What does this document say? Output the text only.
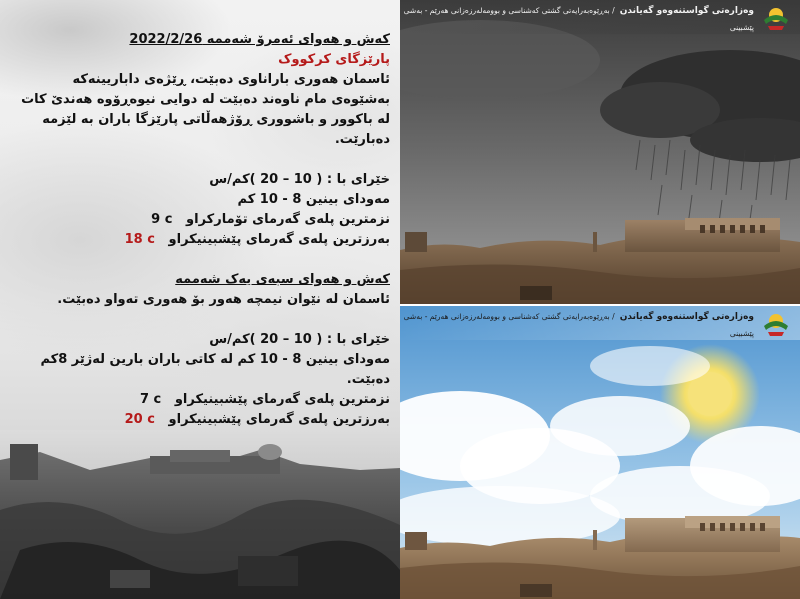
کەش و هەوای ئەمرۆ شەممە 2022/2/26
پارێزگای کرکووک
ئاسمان هەوری باراناوی دەبێت، ڕێژەی داباریینەکە بەشێوەی مام ناوەند دەبێت لە دوایی نیوەڕۆوە هەندێ کات لە باکوور و باشووری ڕۆژهەڵاتی پارێزگا باران بە لێزمە دەبارێت.
خێرای با : ( 10 – 20 )کم/س
مەودای بینین 8 - 10 کم
نزمترین پلەی گەرمای تۆمارکراو   9 c
بەرزترین پلەی گەرمای پێشبینیکراو   18 c
کەش و هەوای سبەی یەک شەممە
ئاسمان لە نێوان نیمچە هەور بۆ هەوری تەواو دەبێت.
خێرای با : ( 10 – 20 )کم/س
مەودای بینین 8 - 10 کم لە کاتی باران بارین لەژێر 8کم دەبێت.
نزمترین پلەی گەرمای پێشبینیکراو   7 c
بەرزترین پلەی گەرمای پێشبینیکراو   20 c
وەزارەتی گواستنەوەو گەیاندن / بەڕێوەبەرایەتی گشتی کەشناسی و بوومەلەرزەزانی هەرێم - بەشی پێشبینی
وەزارەتی گواستنەوەو گەیاندن / بەڕێوەبەرایەتی گشتی کەشناسی و بوومەلەرزەزانی هەرێم - بەشی پێشبینی
